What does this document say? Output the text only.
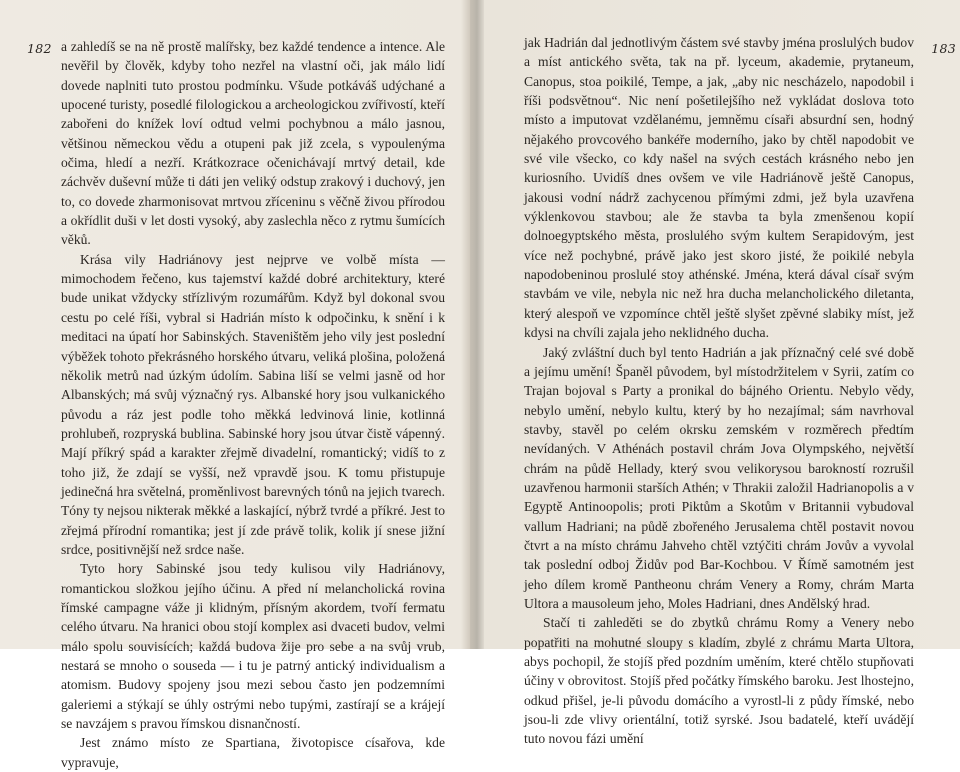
182 a zahledíš se na ně prostě malířsky, bez každé tendence a intence. Ale nevěřil by člověk, kdyby toho nezřel na vlastní oči, jak málo lidí dovede naplniti tuto prostou podmínku. Všude potkáváš udýchané a upocené turisty, posedlé filologickou a archeologickou zvířivostí, kteří zabořeni do knížek loví odtud velmi pochybnou a málo jasnou, většinou německou vědu a otupeni pak již zcela, s vypoulenýma očima, hledí a nezří. Krátkozrace očenichávají mrtvý detail, kde záchvěv duševní může ti dáti jen veliký odstup zrakový i duchový, jen to, co dovede zharmonisovat mrtvou zříceninu s věčně živou přírodou a okřídlit duši v let dosti vysoký, aby zaslechla něco z rytmu šumících věků.

Krása vily Hadriánovy jest nejprve ve volbě místa — mimochodem řečeno, kus tajemství každé dobré architektury, které bude unikat vždycky střízlivým rozumářům. Když byl dokonal svou cestu po celé říši, vybral si Hadrián místo k odpočinku, k snění i k meditaci na úpatí hor Sabinských. Staveništěm jeho vily jest poslední výběžek tohoto překrásného horského útvaru, veliká plošina, položená několik metrů nad úzkým údolím. Sabina liší se velmi jasně od hor Albanských; má svůj význačný rys. Albanské hory jsou vulkanického původu a ráz jest podle toho měkká ledvinová linie, kotlinná prohlubeň, rozpryská bublina. Sabinské hory jsou útvar čistě vápenný. Mají příkrý spád a karakter zřejmě divadelní, romantický; vidíš to z toho již, že zdají se vyšší, než vpravdě jsou. K tomu přistupuje jedinečná hra světelná, proměnlivost barevných tónů na jejich tvarech. Tóny ty nejsou nikterak měkké a laskající, nýbrž tvrdé a příkré. Jest to zřejmá přírodní romantika; jest jí zde právě tolik, kolik jí snese jižní srdce, positivnější než srdce naše.

Tyto hory Sabinské jsou tedy kulisou vily Hadriánovy, romantickou složkou jejího účinu. A před ní melancholická rovina římské campagne váže ji klidným, přísným akordem, tvoří fermatu celého útvaru. Na hranici obou stojí komplex asi dvaceti budov, velmi málo spolu souvisících; každá budova žije pro sebe a na svůj vrub, nestará se mnoho o souseda — i tu je patrný antický individualism a atomism. Budovy spojeny jsou mezi sebou často jen podzemními galeriemi a stýkají se úhly ostrými nebo tupými, zastírají se a krájejí se navzájem s pravou římskou disnančností.

Jest známo místo ze Spartiana, životopisce císařova, kde vypravuje,

183

jak Hadrián dal jednotlivým částem své stavby jména proslulých budov a míst antického světa, tak na př. lyceum, akademie, prytaneum, Canopus, stoa poikilé, Tempe, a jak, „aby nic nescházelo, napodobil i říši podsvětnou“. Nic není pošetilejšího než vykládat doslova toto místo a imputovat vzdělanému, jemněmu císaři absurdní sen, hodný nějakého provcového bankéře moderního, jako by chtěl napodobit ve své vile všecko, co kdy našel na svých cestách krásného nebo jen kuriosního. Uvidíš dnes ovšem ve vile Hadriánově ještě Canopus, jakousi vodní nádrž zachycenou přímými zdmi, jež byla uzavřena výklenkovou stavbou; ale že stavba ta byla zmenšenou kopií dolnoegyptského města, proslulého svým kultem Serapidovým, jest více než pochybné, právě jako jest skoro jisté, že poikilé nebyla napodobeninou proslulé stoy athénské. Jména, která dával císař svým stavbám ve vile, nebyla nic než hra ducha melancholického diletanta, který alespoň ve vzpomínce chtěl ještě slyšet zpěvné slabiky míst, jež kdysi na chvíli zajala jeho neklidného ducha.

Jaký zvláštní duch byl tento Hadrián a jak příznačný celé své době a jejímu umění! Španěl původem, byl místodržitelem v Syrii, zatím co Trajan bojoval s Party a pronikal do bájného Orientu. Nebylo vědy, nebylo umění, nebylo kultu, který by ho nezajímal; sám navrhoval stavby, stavěl po celém okrsku zemském v rozměrech předtím nevídaných. V Athénách postavil chrám Jova Olympského, největší chrám na půdě Hellady, který svou velikorysou barokností rozrušil uzavřenou harmonii starších Athén; v Thrakii založil Hadrianopolis a v Egyptě Antinoopolis; proti Piktům a Skotům v Britannii vybudoval vallum Hadriani; na půdě zbořeného Jerusalema chtěl postavit novou čtvrt a na místo chrámu Jahveho chtěl vztýčiti chrám Jovův a vyvolal tak poslední odboj Židův pod Bar-Kochbou. V Římě samotném jest jeho dílem kromě Pantheonu chrám Venery a Romy, chrám Marta Ultora a mausoleum jeho, Moles Hadriani, dnes Andělský hrad.

Stačí ti zahleděti se do zbytků chrámu Romy a Venery nebo popatřiti na mohutné sloupy s kladím, zbylé z chrámu Marta Ultora, abys pochopil, že stojíš před pozdním uměním, které chtělo stupňovati účiny v obrovitost. Stojíš před počátky římského baroku. Jest lhostejno, odkud přišel, je-li původu domácího a vyrostl-li z půdy římské, nebo jsou-li zde vlivy orientální, totiž syrské. Jsou badatelé, kteří uvádějí tuto novou fázi umění
